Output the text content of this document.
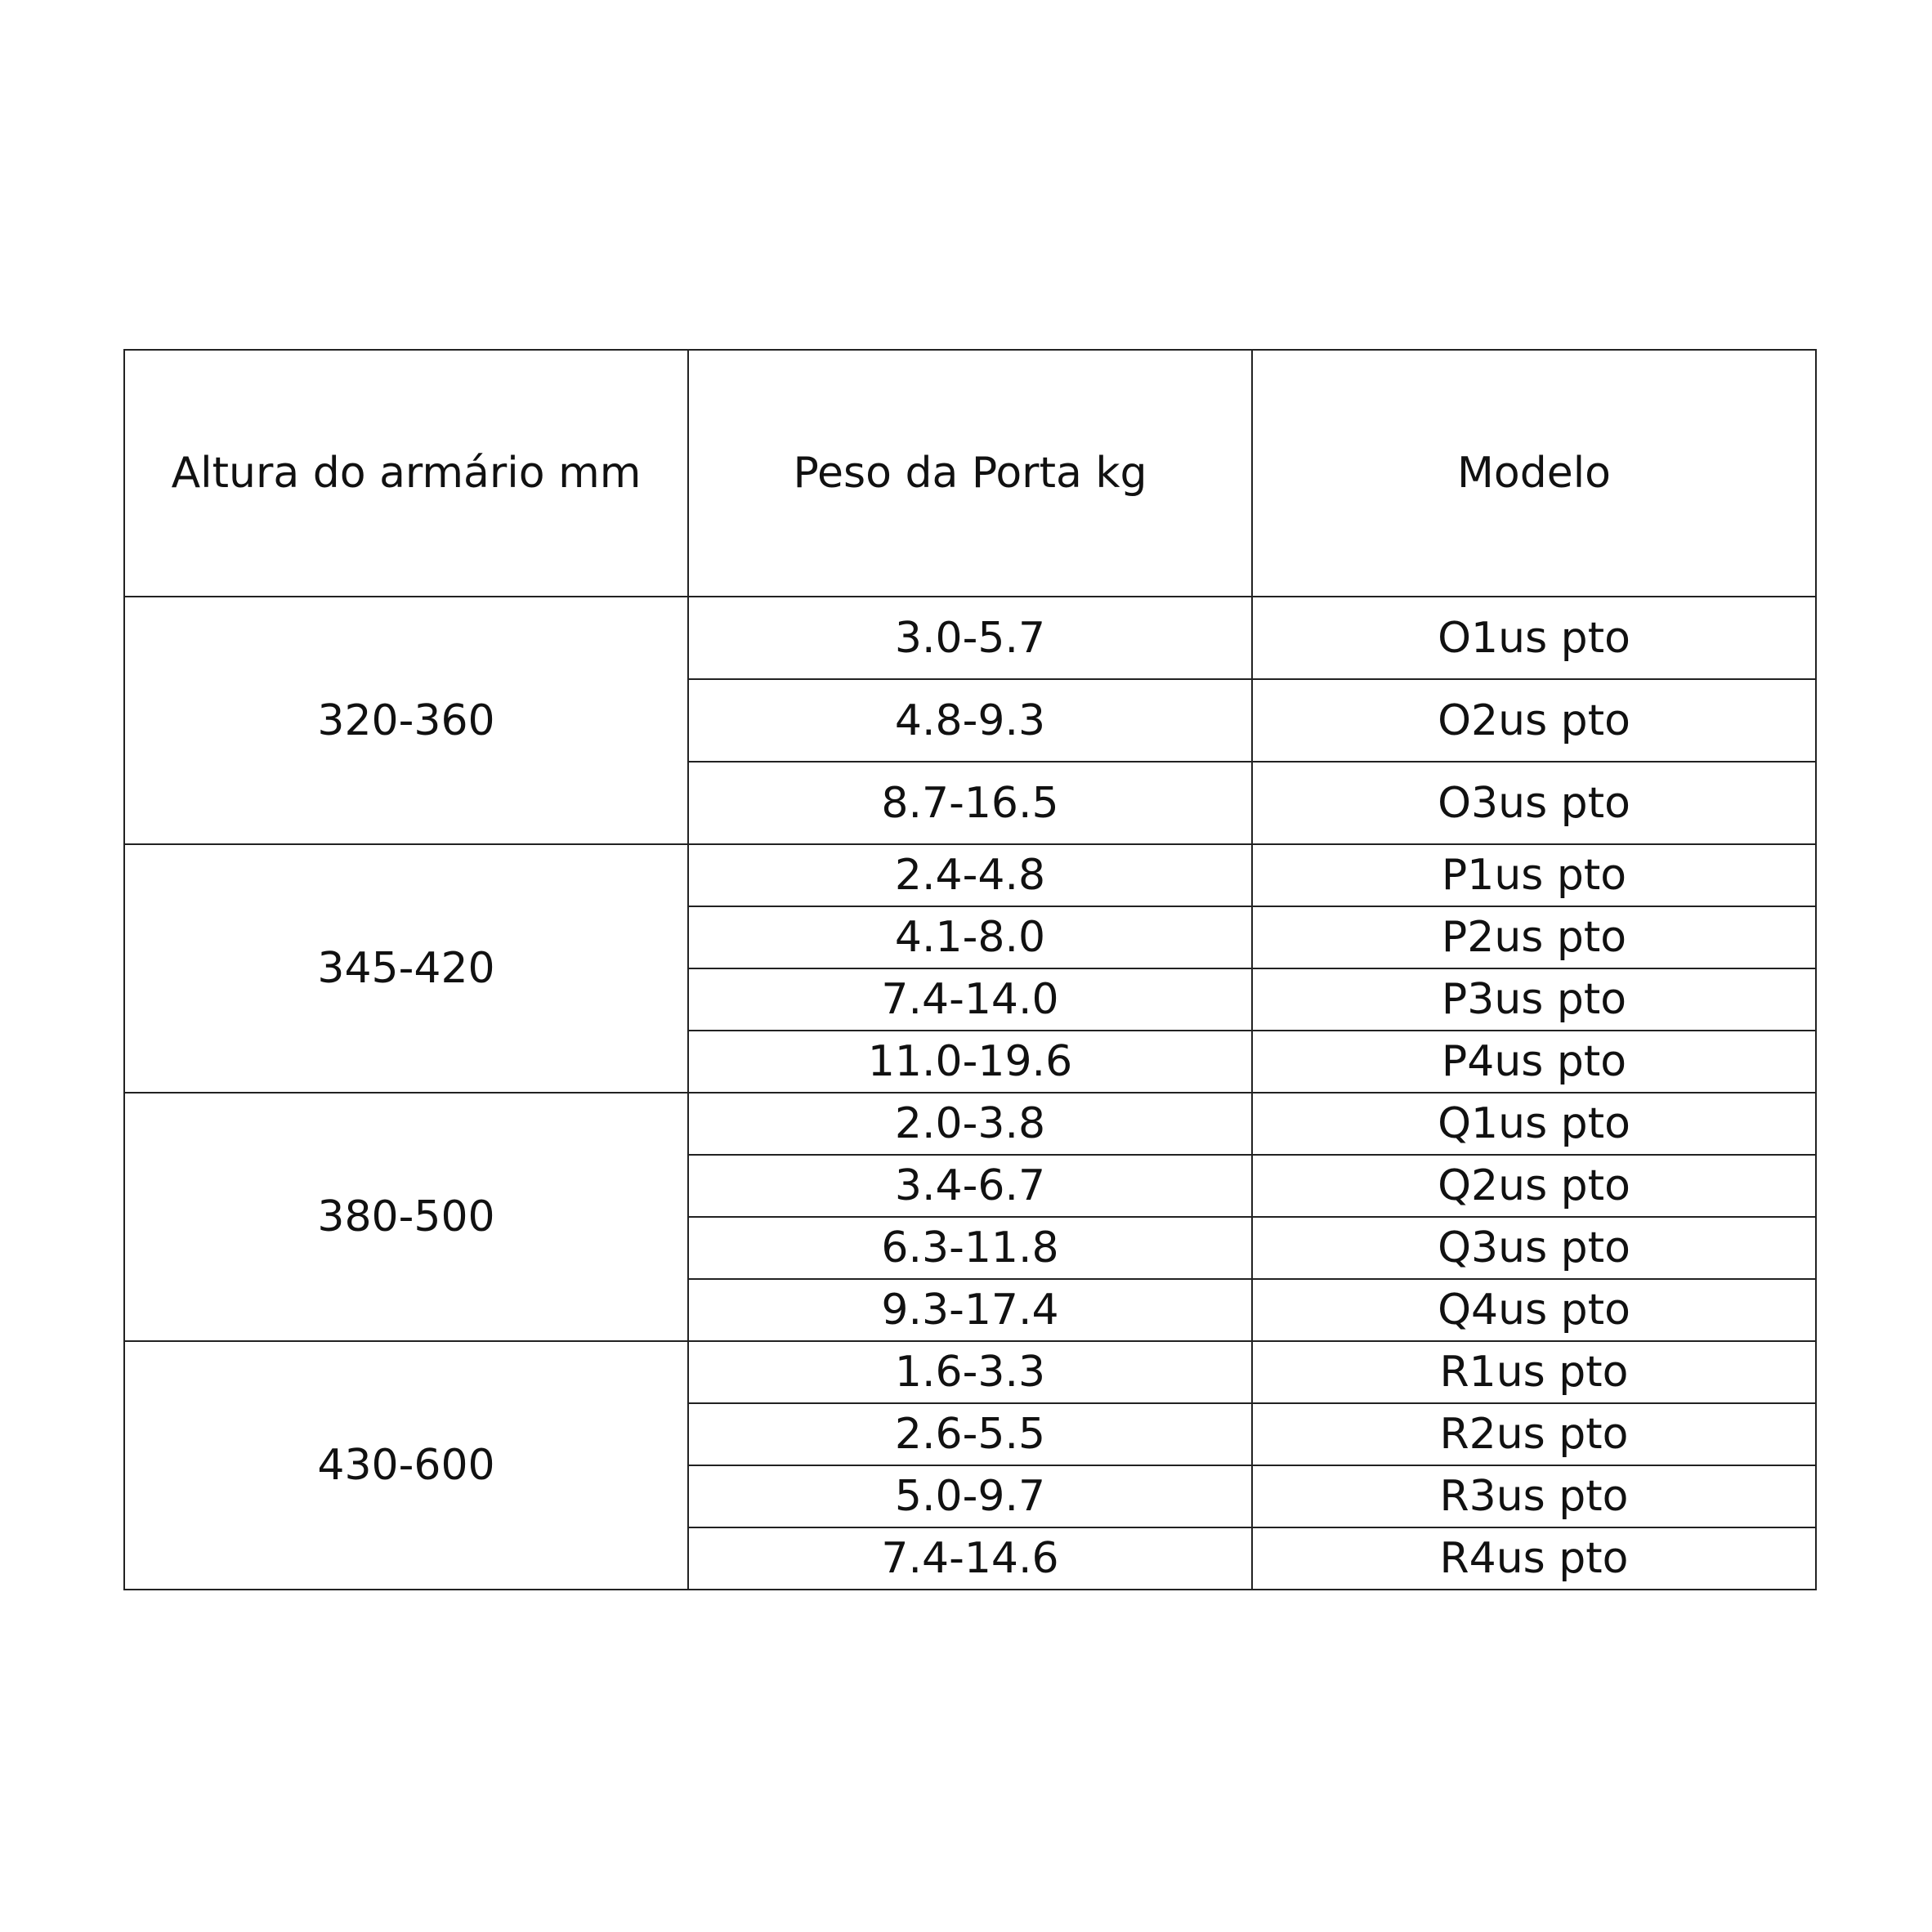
Altura do armário mm	Peso da Porta kg	Modelo
320-360	3.0-5.7	O1us pto
	4.8-9.3	O2us pto
	8.7-16.5	O3us pto
345-420	2.4-4.8	P1us pto
	4.1-8.0	P2us pto
	7.4-14.0	P3us pto
	11.0-19.6	P4us pto
380-500	2.0-3.8	Q1us pto
	3.4-6.7	Q2us pto
	6.3-11.8	Q3us pto
	9.3-17.4	Q4us pto
430-600	1.6-3.3	R1us pto
	2.6-5.5	R2us pto
	5.0-9.7	R3us pto
	7.4-14.6	R4us pto
